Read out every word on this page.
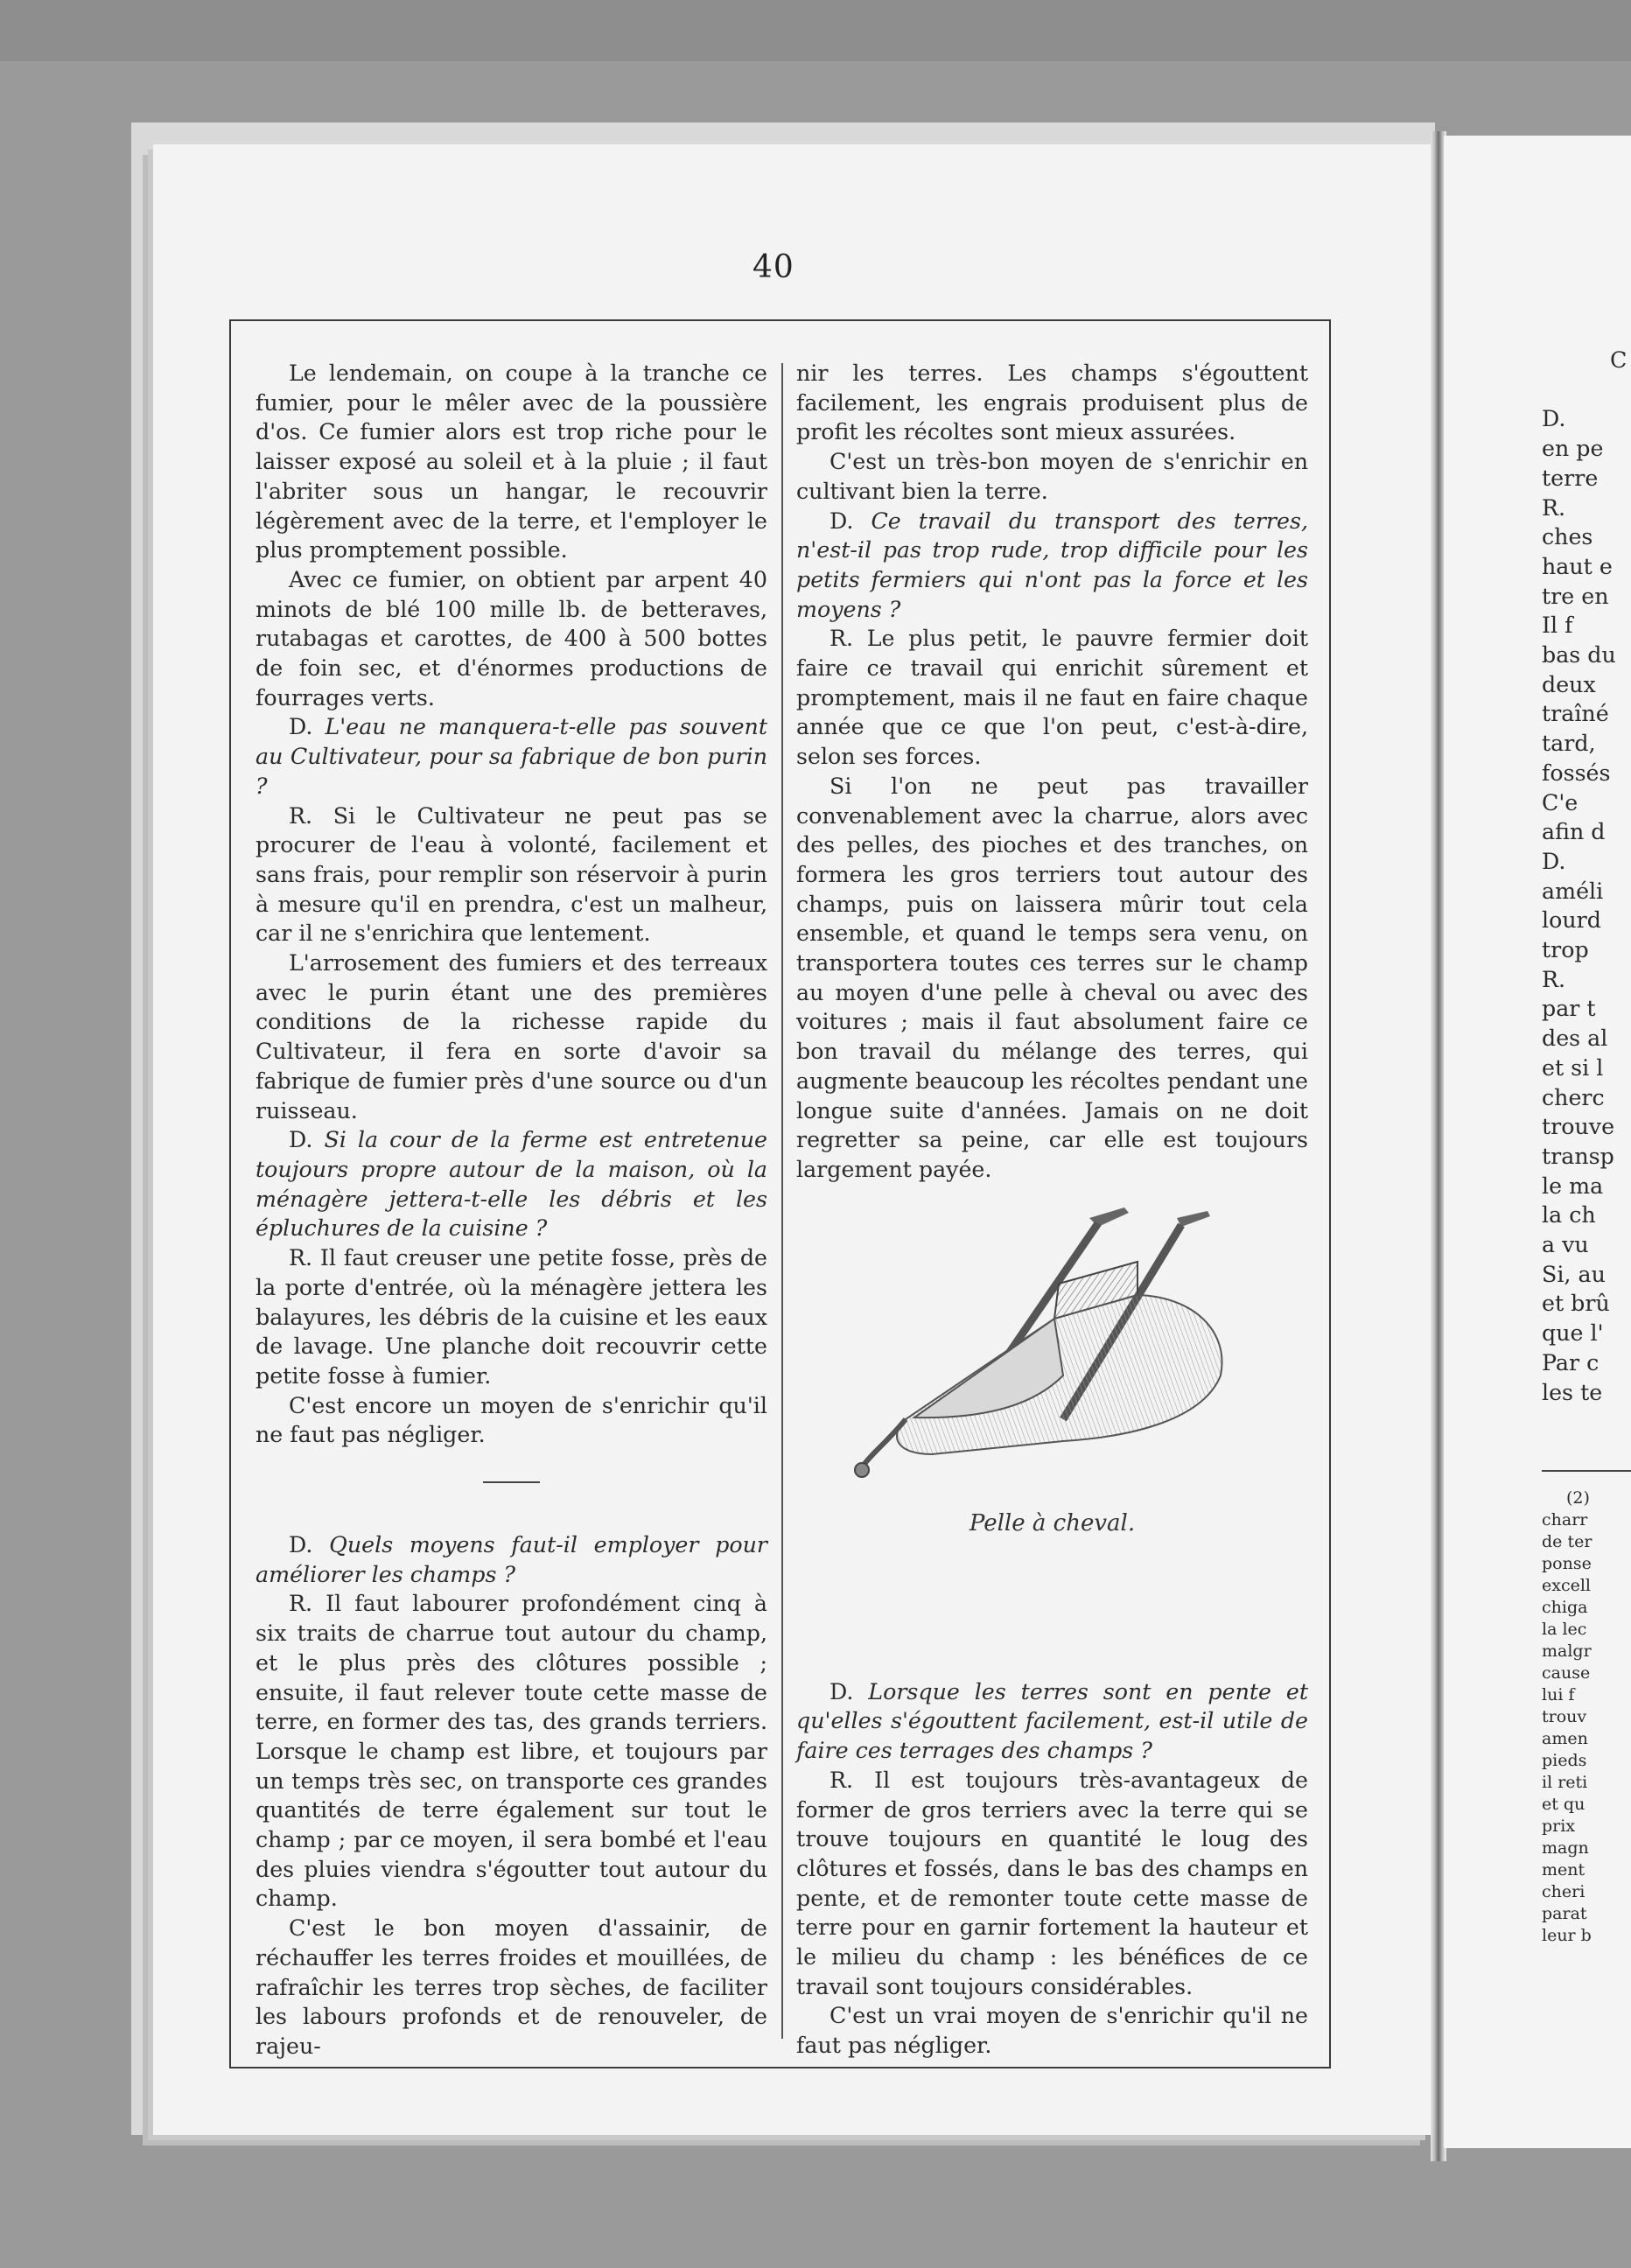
40

Le lendemain, on coupe à la tranche ce fumier, pour le mêler avec de la poussière d'os. Ce fumier alors est trop riche pour le laisser exposé au soleil et à la pluie ; il faut l'abriter sous un hangar, le recouvrir légèrement avec de la terre, et l'employer le plus promptement possible.

Avec ce fumier, on obtient par arpent 40 minots de blé 100 mille lb. de betteraves, rutabagas et carottes, de 400 à 500 bottes de foin sec, et d'énormes productions de fourrages verts.

D. L'eau ne manquera-t-elle pas souvent au Cultivateur, pour sa fabrique de bon purin ?

R. Si le Cultivateur ne peut pas se procurer de l'eau à volonté, facilement et sans frais, pour remplir son réservoir à purin à mesure qu'il en prendra, c'est un malheur, car il ne s'enrichira que lentement.

L'arrosement des fumiers et des terreaux avec le purin étant une des premières conditions de la richesse rapide du Cultivateur, il fera en sorte d'avoir sa fabrique de fumier près d'une source ou d'un ruisseau.

D. Si la cour de la ferme est entretenue toujours propre autour de la maison, où la ménagère jettera-t-elle les débris et les épluchures de la cuisine ?

R. Il faut creuser une petite fosse, près de la porte d'entrée, où la ménagère jettera les balayures, les débris de la cuisine et les eaux de lavage. Une planche doit recouvrir cette petite fosse à fumier.

C'est encore un moyen de s'enrichir qu'il ne faut pas négliger.

D. Quels moyens faut-il employer pour améliorer les champs ?

R. Il faut labourer profondément cinq à six traits de charrue tout autour du champ, et le plus près des clôtures possible ; ensuite, il faut relever toute cette masse de terre, en former des tas, des grands terriers. Lorsque le champ est libre, et toujours par un temps très sec, on transporte ces grandes quantités de terre également sur tout le champ ; par ce moyen, il sera bombé et l'eau des pluies viendra s'égoutter tout autour du champ.

C'est le bon moyen d'assainir, de réchauffer les terres froides et mouillées, de rafraîchir les terres trop sèches, de faciliter les labours profonds et de renouveler, de rajeu-

nir les terres. Les champs s'égouttent facilement, les engrais produisent plus de profit les récoltes sont mieux assurées.

C'est un très-bon moyen de s'enrichir en cultivant bien la terre.

D. Ce travail du transport des terres, n'est-il pas trop rude, trop difficile pour les petits fermiers qui n'ont pas la force et les moyens ?

R. Le plus petit, le pauvre fermier doit faire ce travail qui enrichit sûrement et promptement, mais il ne faut en faire chaque année que ce que l'on peut, c'est-à-dire, selon ses forces.

Si l'on ne peut pas travailler convenablement avec la charrue, alors avec des pelles, des pioches et des tranches, on formera les gros terriers tout autour des champs, puis on laissera mûrir tout cela ensemble, et quand le temps sera venu, on transportera toutes ces terres sur le champ au moyen d'une pelle à cheval ou avec des voitures ; mais il faut absolument faire ce bon travail du mélange des terres, qui augmente beaucoup les récoltes pendant une longue suite d'années. Jamais on ne doit regretter sa peine, car elle est toujours largement payée.

Pelle à cheval.

D. Lorsque les terres sont en pente et qu'elles s'égouttent facilement, est-il utile de faire ces terrages des champs ?

R. Il est toujours très-avantageux de former de gros terriers avec la terre qui se trouve toujours en quantité le loug des clôtures et fossés, dans le bas des champs en pente, et de remonter toute cette masse de terre pour en garnir fortement la hauteur et le milieu du champ : les bénéfices de ce travail sont toujours considérables.

C'est un vrai moyen de s'enrichir qu'il ne faut pas négliger.

C
D.
en pe
terre
R.
ches
haut e
tre en
Il f
bas du
deux
traîné
tard,
fossés
C'e
afin d
D.
améli
lourd
trop
R.
par t
des al
et si l
cherc
trouve
transp
le ma
la ch
a vu
Si, au
et brû
que l'
Par c
les te
(2)
charr
de ter
ponse
excell
chiga
la lec
malgr
cause
lui f
trouv
amen
pieds
il reti
et qu
prix
magn
ment
cheri
parat
leur b
